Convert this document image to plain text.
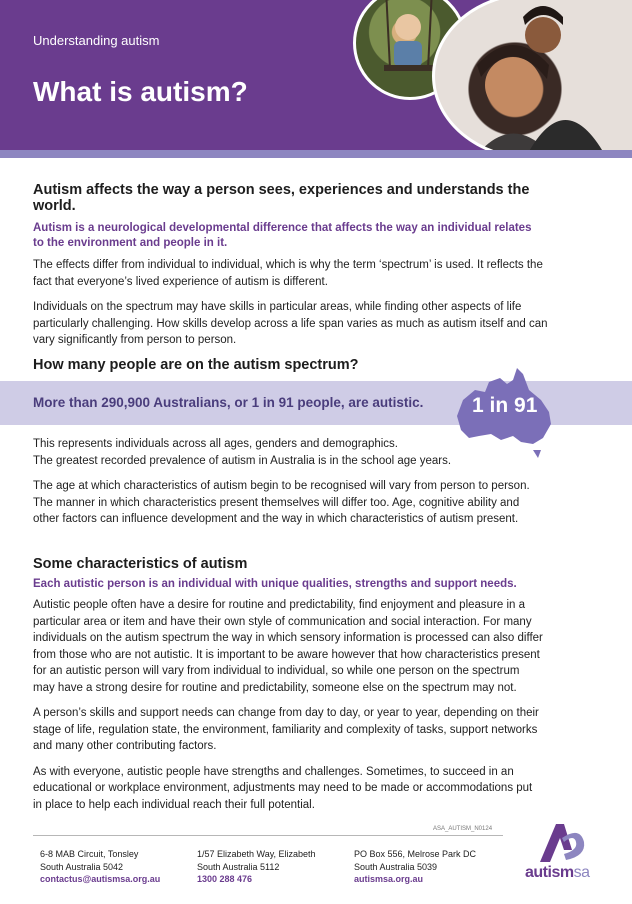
Understanding autism
What is autism?
Autism affects the way a person sees, experiences and understands the world.

Autism is a neurological developmental difference that affects the way an individual relates

to the environment and people in it.

The effects differ from individual to individual, which is why the term ‘spectrum’ is used. It reflects the

fact that everyone’s lived experience of autism is different.

Individuals on the spectrum may have skills in particular areas, while finding other aspects of life

particularly challenging. How skills develop across a life span varies as much as autism itself and can

vary significantly from person to person.

How many people are on the autism spectrum?
More than 290,900 Australians, or 1 in 91 people, are autistic. 1 in 91

This represents individuals across all ages, genders and demographics.

The greatest recorded prevalence of autism in Australia is in the school age years.

The age at which characteristics of autism begin to be recognised will vary from person to person.

The manner in which characteristics present themselves will differ too. Age, cognitive ability and

other factors can influence development and the way in which characteristics of autism present.

Some characteristics of autism

Each autistic person is an individual with unique qualities, strengths and support needs.

Autistic people often have a desire for routine and predictability, find enjoyment and pleasure in a

particular area or item and have their own style of communication and social interaction. For many

individuals on the autism spectrum the way in which sensory information is processed can also differ

from those who are not autistic. It is important to be aware however that how characteristics present

for an autistic person will vary from individual to individual, so while one person on the spectrum

may have a strong desire for routine and predictability, someone else on the spectrum may not.

A person’s skills and support needs can change from day to day, or year to year, depending on their

stage of life, regulation state, the environment, familiarity and complexity of tasks, support networks

and many other contributing factors.

As with everyone, autistic people have strengths and challenges. Sometimes, to succeed in an

educational or workplace environment, adjustments may need to be made or accommodations put

in place to help each individual reach their full potential.

ASA_AUTISM_N0124
6-8 MAB Circuit, Tonsley
South Australia 5042
contactus@autismsa.org.au
1/57 Elizabeth Way, Elizabeth
South Australia 5112
1300 288 476
PO Box 556, Melrose Park DC
South Australia 5039
autismsa.org.au	autismsa
